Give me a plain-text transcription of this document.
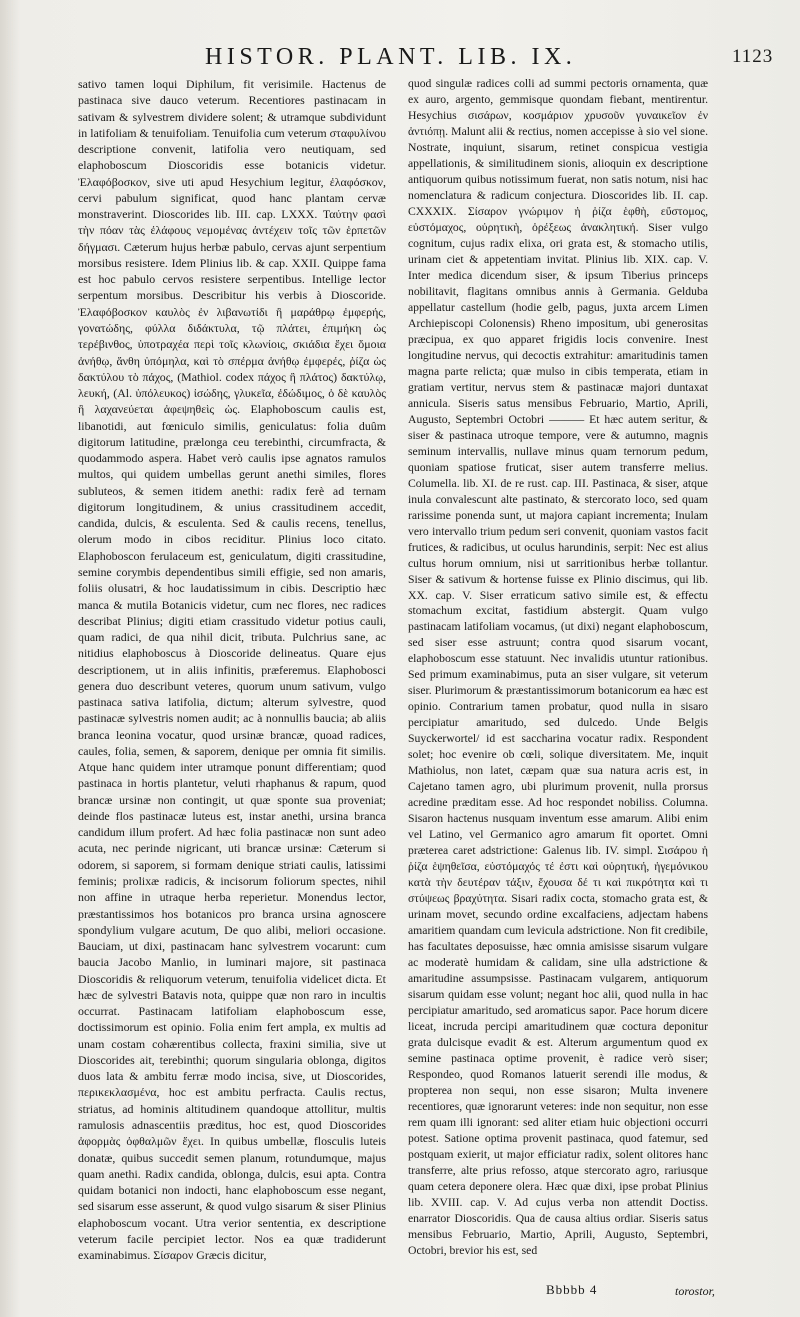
HISTOR. PLANT. LIB. IX.	1123

sativo tamen loqui Diphilum, fit verisimile. Hactenus de pastinaca sive dauco veterum. Recentiores pastinacam in sativam & sylvestrem dividere solent; & utramque subdividunt in latifoliam & tenuifoliam. Tenuifolia cum veterum σταφυλίνου descriptione convenit, latifolia vero neutiquam, sed elaphoboscum Dioscoridis esse botanicis videtur. Ἐλαφόβοσκον, sive uti apud Hesychium legitur, ἐλαφόσκον, cervi pabulum significat, quod hanc plantam cervæ monstraverint. Dioscorides lib. III. cap. LXXX. Ταύτην φασὶ τὴν πόαν τὰς ἐλάφους νεμομένας ἀντέχειν τοῖς τῶν ἑρπετῶν δήγμασι. Cæterum hujus herbæ pabulo, cervas ajunt serpentium morsibus resistere. Idem Plinius lib. & cap. XXII. Quippe fama est hoc pabulo cervos resistere serpentibus. Intellige lector serpentum morsibus. Describitur his verbis à Dioscoride. Ἐλαφόβοσκον καυλὸς ἐν λιβανωτίδι ἢ μαράθρῳ ἐμφερής, γονατώδης, φύλλα διδάκτυλα, τῷ πλάτει, ἐπιμήκη ὡς τερέβινθος, ὑποτραχέα περὶ τοῖς κλωνίοις, σκιάδια ἔχει ὅμοια ἀνήθῳ, ἄνθη ὑπόμηλα, καὶ τὸ σπέρμα ἀνήθῳ ἐμφερές, ῥίζα ὡς δακτύλου τὸ πάχος, (Mathiol. codex πάχος ἢ πλάτος) δακτύλῳ, λευκή, (Al. ὑπόλευκος) ἰσώδης, γλυκεῖα, ἐδώδιμος, ὁ δὲ καυλὸς ἢ λαχανεύεται ἀφεψηθεὶς ὡς. Elaphoboscum caulis est, libanotidi, aut fœniculo similis, geniculatus: folia duûm digitorum latitudine, prælonga ceu terebinthi, circumfracta, & quodammodo aspera. Habet verò caulis ipse agnatos ramulos multos, qui quidem umbellas gerunt anethi similes, flores subluteos, & semen itidem anethi: radix ferè ad ternam digitorum longitudinem, & unius crassitudinem accedit, candida, dulcis, & esculenta. Sed & caulis recens, tenellus, olerum modo in cibos reciditur. Plinius loco citato. Elaphoboscon ferulaceum est, geniculatum, digiti crassitudine, semine corymbis dependentibus simili effigie, sed non amaris, foliis olusatri, & hoc laudatissimum in cibis. Descriptio hæc manca & mutila Botanicis videtur, cum nec flores, nec radices describat Plinius; digiti etiam crassitudo videtur potius cauli, quam radici, de qua nihil dicit, tributa. Pulchrius sane, ac nitidius elaphoboscus à Dioscoride delineatus. Quare ejus descriptionem, ut in aliis infinitis, præferemus. Elaphobosci genera duo describunt veteres, quorum unum sativum, vulgo pastinaca sativa latifolia, dictum; alterum sylvestre, quod pastinacæ sylvestris nomen audit; ac à nonnullis baucia; ab aliis branca leonina vocatur, quod ursinæ brancæ, quoad radices, caules, folia, semen, & saporem, denique per omnia fit similis. Atque hanc quidem inter utramque ponunt differentiam; quod pastinaca in hortis plantetur, veluti rhaphanus & rapum, quod brancæ ursinæ non contingit, ut quæ sponte sua proveniat; deinde flos pastinacæ luteus est, instar anethi, ursina branca candidum illum profert. Ad hæc folia pastinacæ non sunt adeo acuta, nec perinde nigricant, uti brancæ ursinæ: Cæterum si odorem, si saporem, si formam denique striati caulis, latissimi feminis; prolixæ radicis, & incisorum foliorum spectes, nihil non affine in utraque herba reperietur. Monendus lector, præstantissimos hos botanicos pro branca ursina agnoscere spondylium vulgare acutum, De quo alibi, meliori occasione. Bauciam, ut dixi, pastinacam hanc sylvestrem vocarunt: cum baucia Jacobo Manlio, in luminari majore, sit pastinaca Dioscoridis & reliquorum veterum, tenuifolia videlicet dicta. Et hæc de sylvestri Batavis nota, quippe quæ non raro in incultis occurrat. Pastinacam latifoliam elaphoboscum esse, doctissimorum est opinio. Folia enim fert ampla, ex multis ad unam costam cohærentibus collecta, fraxini similia, sive ut Dioscorides ait, terebinthi; quorum singularia oblonga, digitos duos lata & ambitu ferræ modo incisa, sive, ut Dioscorides, περικεκλασμένα, hoc est ambitu perfracta. Caulis rectus, striatus, ad hominis altitudinem quandoque attollitur, multis ramulosis adnascentiis præditus, hoc est, quod Dioscorides ἀφορμὰς ὀφθαλμῶν ἔχει. In quibus umbellæ, flosculis luteis donatæ, quibus succedit semen planum, rotundumque, majus quam anethi. Radix candida, oblonga, dulcis, esui apta. Contra quidam botanici non indocti, hanc elaphoboscum esse negant, sed sisarum esse asserunt, & quod vulgo sisarum & siser Plinius elaphoboscum vocant. Utra verior sententia, ex descriptione veterum facile percipiet lector. Nos ea quæ tradiderunt examinabimus. Σίσαρον Græcis dicitur,

quod singulæ radices colli ad summi pectoris ornamenta, quæ ex auro, argento, gemmisque quondam fiebant, mentirentur. Hesychius σισάρων, κοσμάριον χρυσοῦν γυναικεῖον ἐν ἀντιόπῃ. Malunt alii & rectius, nomen accepisse à sio vel sione. Nostrate, inquiunt, sisarum, retinet conspicua vestigia appellationis, & similitudinem sionis, alioquin ex descriptione antiquorum quibus notissimum fuerat, non satis notum, nisi hac nomenclatura & radicum conjectura. Dioscorides lib. II. cap. CXXXIX. Σίσαρον γνώριμον ἡ ῥίζα ἑφθὴ, εὔστομος, εὐστόμαχος, οὐρητικὴ, ὀρέξεως ἀνακλητική. Siser vulgo cognitum, cujus radix elixa, ori grata est, & stomacho utilis, urinam ciet & appetentiam invitat. Plinius lib. XIX. cap. V. Inter medica dicendum siser, & ipsum Tiberius princeps nobilitavit, flagitans omnibus annis à Germania. Gelduba appellatur castellum (hodie gelb, pagus, juxta arcem Limen Archiepiscopi Colonensis) Rheno impositum, ubi generositas præcipua, ex quo apparet frigidis locis convenire. Inest longitudine nervus, qui decoctis extrahitur: amaritudinis tamen magna parte relicta; quæ mulso in cibis temperata, etiam in gratiam vertitur, nervus stem & pastinacæ majori duntaxat annicula. Siseris satus mensibus Februario, Martio, Aprili, Augusto, Septembri Octobri ——— Et hæc autem seritur, & siser & pastinaca utroque tempore, vere & autumno, magnis seminum intervallis, nullave minus quam ternorum pedum, quoniam spatiose fruticat, siser autem transferre melius. Columella. lib. XI. de re rust. cap. III. Pastinaca, & siser, atque inula convalescunt alte pastinato, & stercorato loco, sed quam rarissime ponenda sunt, ut majora capiant incrementa; Inulam vero intervallo trium pedum seri convenit, quoniam vastos facit frutices, & radicibus, ut oculus harundinis, serpit: Nec est alius cultus horum omnium, nisi ut sarritionibus herbæ tollantur. Siser & sativum & hortense fuisse ex Plinio discimus, qui lib. XX. cap. V. Siser erraticum sativo simile est, & effectu stomachum excitat, fastidium abstergit. Quam vulgo pastinacam latifoliam vocamus, (ut dixi) negant elaphoboscum, sed siser esse astruunt; contra quod sisarum vocant, elaphoboscum esse statuunt. Nec invalidis utuntur rationibus. Sed primum examinabimus, puta an siser vulgare, sit veterum siser. Plurimorum & præstantissimorum botanicorum ea hæc est opinio. Contrarium tamen probatur, quod nulla in sisaro percipiatur amaritudo, sed dulcedo. Unde Belgis Suyckerwortel/ id est saccharina vocatur radix. Respondent solet; hoc evenire ob cœli, solique diversitatem. Me, inquit Mathiolus, non latet, cæpam quæ sua natura acris est, in Cajetano tamen agro, ubi plurimum provenit, nulla prorsus acredine præditam esse. Ad hoc respondet nobiliss. Columna. Sisaron hactenus nusquam inventum esse amarum. Alibi enim vel Latino, vel Germanico agro amarum fit oportet. Omni præterea caret adstrictione: Galenus lib. IV. simpl. Σισάρου ἡ ῥίζα ἑψηθεῖσα, εὐστόμαχός τέ ἐστι καὶ οὐρητική, ἡγεμόνικου κατὰ τὴν δευτέραν τάξιν, ἔχουσα δέ τι καὶ πικρότητα καὶ τι στύψεως βραχύτητα. Sisari radix cocta, stomacho grata est, & urinam movet, secundo ordine excalfaciens, adjectam habens amaritiem quandam cum levicula adstrictione. Non fit credibile, has facultates deposuisse, hæc omnia amisisse sisarum vulgare ac moderatè humidam & calidam, sine ulla adstrictione & amaritudine assumpsisse. Pastinacam vulgarem, antiquorum sisarum quidam esse volunt; negant hoc alii, quod nulla in hac percipiatur amaritudo, sed aromaticus sapor. Pace horum dicere liceat, incruda percipi amaritudinem quæ coctura deponitur grata dulcisque evadit & est. Alterum argumentum quod ex semine pastinaca optime provenit, è radice verò siser; Respondeo, quod Romanos latuerit serendi ille modus, & propterea non sequi, non esse sisaron; Multa invenere recentiores, quæ ignorarunt veteres: inde non sequitur, non esse rem quam illi ignorant: sed aliter etiam huic objectioni occurri potest. Satione optima provenit pastinaca, quod fatemur, sed postquam exierit, ut major efficiatur radix, solent olitores hanc transferre, alte prius refosso, atque stercorato agro, rariusque quam cetera deponere olera. Hæc quæ dixi, ipse probat Plinius lib. XVIII. cap. V. Ad cujus verba non attendit Doctiss. enarrator Dioscoridis. Qua de causa altius ordiar. Siseris satus mensibus Februario, Martio, Aprili, Augusto, Septembri, Octobri, brevior his est, sed

Bbbbb 4	torostor,
